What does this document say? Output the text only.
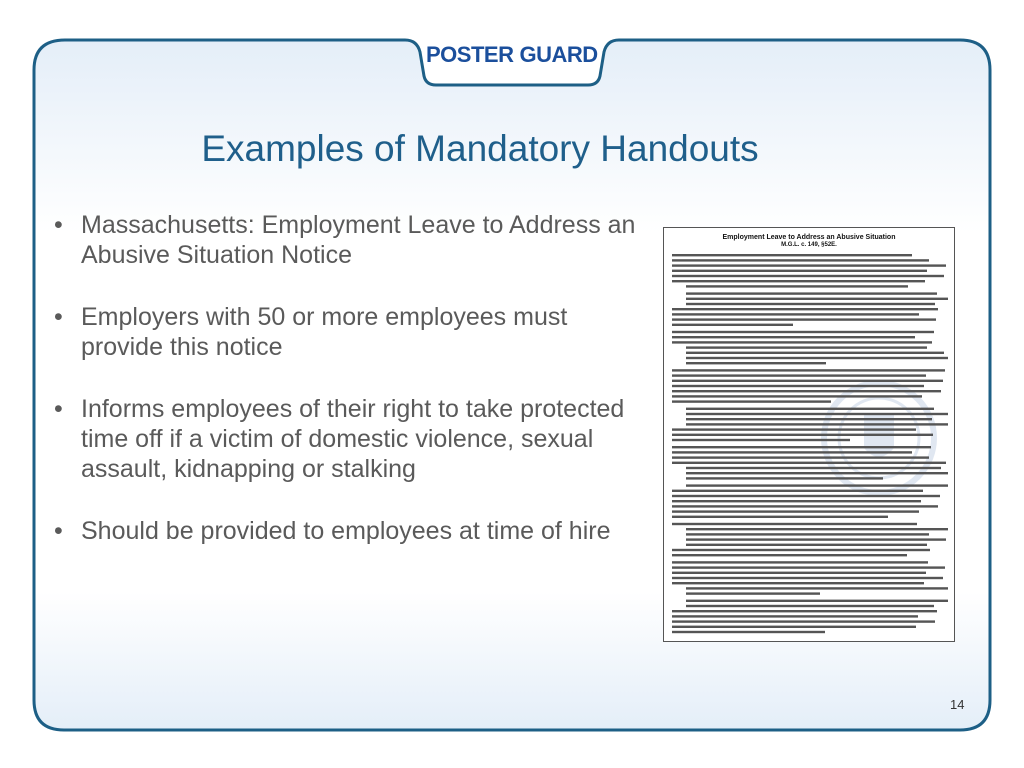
POSTER GUARD
Examples of Mandatory Handouts
• Massachusetts: Employment Leave to Address an Abusive Situation Notice
• Employers with 50 or more employees must provide this notice
• Informs employees of their right to take protected time off if a victim of domestic violence, sexual assault, kidnapping or stalking
• Should be provided to employees at time of hire
Employment Leave to Address an Abusive Situation
M.G.L. c. 149, §52E.
14
